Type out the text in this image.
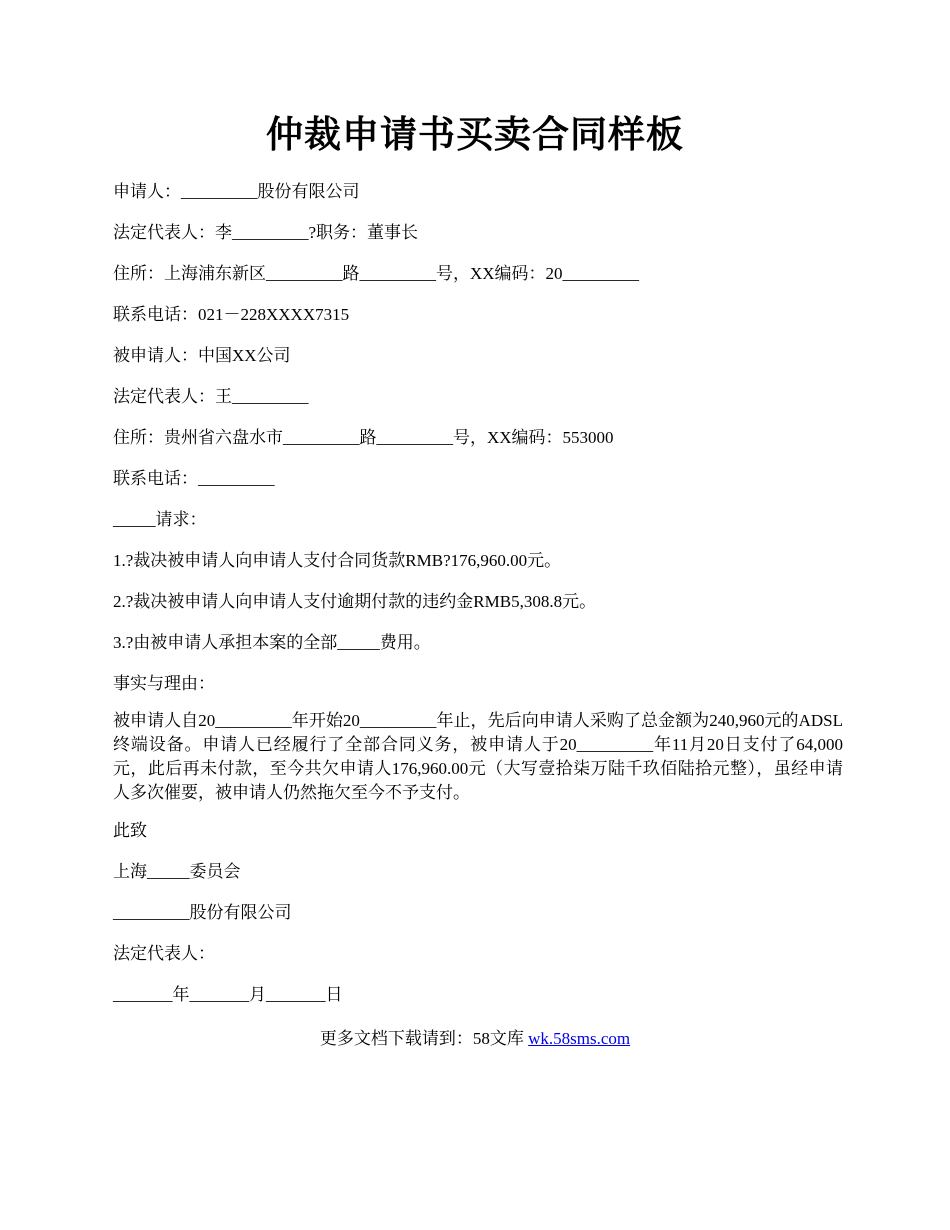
仲裁申请书买卖合同样板
申请人：_________股份有限公司
法定代表人：李_________?职务：董事长
住所：上海浦东新区_________路_________号，XX编码：20_________
联系电话：021－228XXXX7315
被申请人：中国XX公司
法定代表人：王_________
住所：贵州省六盘水市_________路_________号，XX编码：553000
联系电话：_________
_____请求：
1.?裁决被申请人向申请人支付合同货款RMB?176,960.00元。
2.?裁决被申请人向申请人支付逾期付款的违约金RMB5,308.8元。
3.?由被申请人承担本案的全部_____费用。
事实与理由：
被申请人自20_________年开始20_________年止，先后向申请人采购了总金额为240,960元的ADSL终端设备。申请人已经履行了全部合同义务，被申请人于20_________年11月20日支付了64,000元，此后再未付款，至今共欠申请人176,960.00元（大写壹拾柒万陆千玖佰陆拾元整），虽经申请人多次催要，被申请人仍然拖欠至今不予支付。
此致
上海_____委员会
_________股份有限公司
法定代表人：
_______年_______月_______日
更多文档下载请到：58文库 wk.58sms.com
